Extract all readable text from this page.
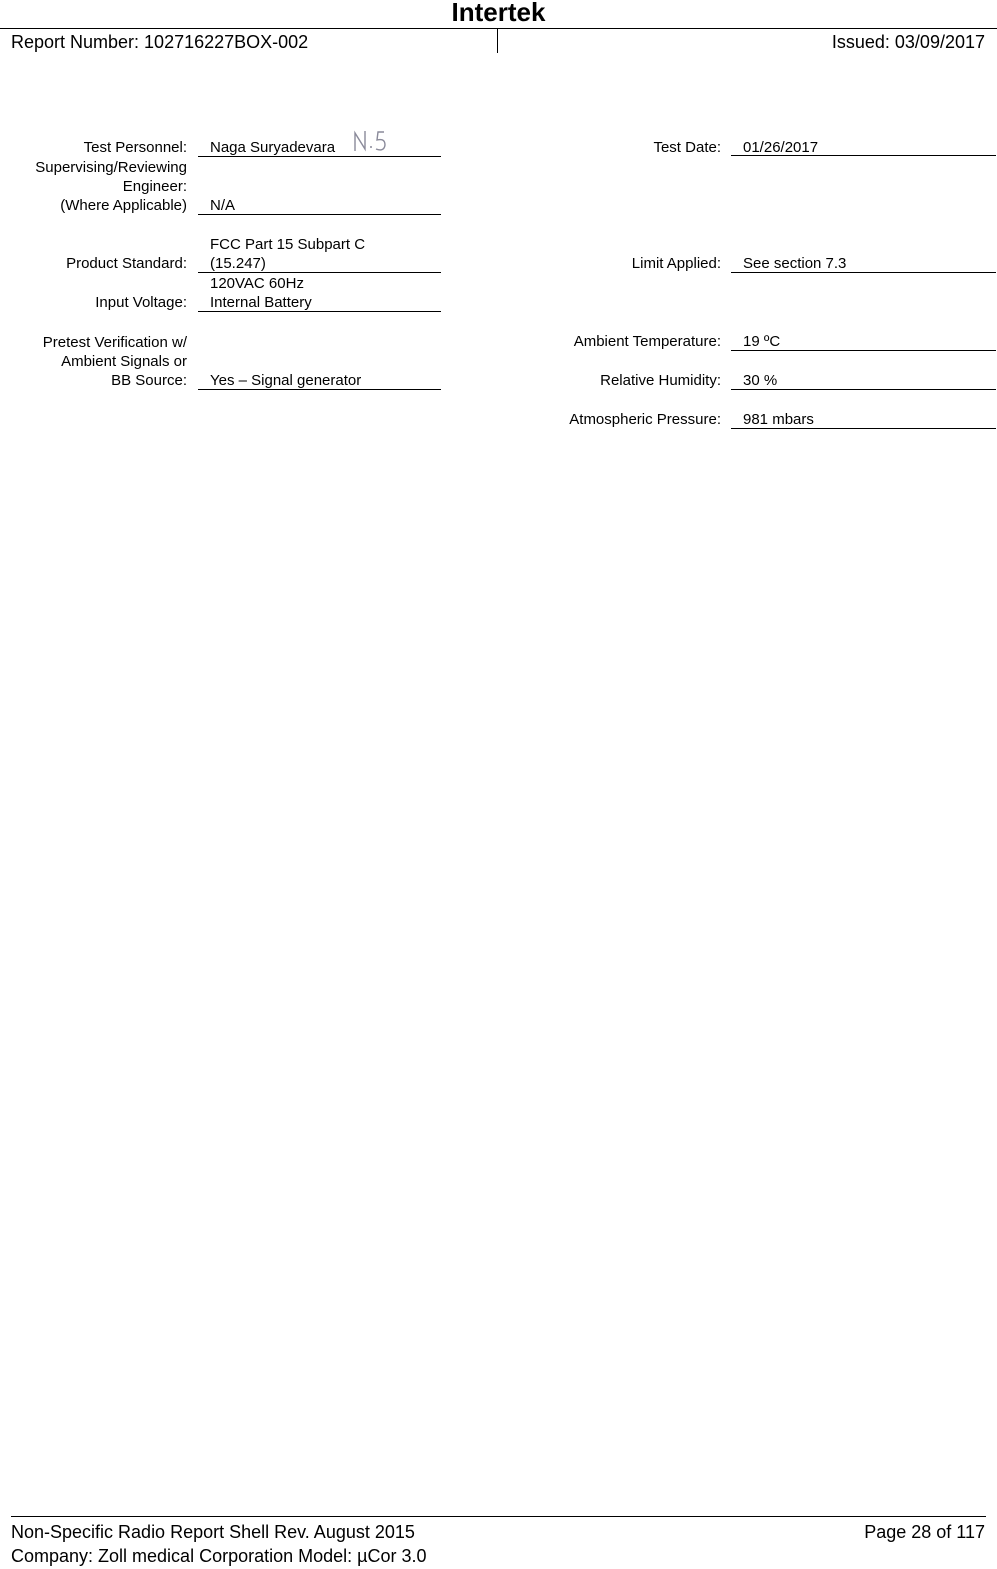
Intertek
Report Number: 102716227BOX-002	Issued: 03/09/2017
Test Personnel: Naga Suryadevara
Supervising/Reviewing
Engineer:
(Where Applicable) N/A
FCC Part 15 Subpart C
Product Standard: (15.247)
120VAC 60Hz
Input Voltage: Internal Battery
Pretest Verification w/
Ambient Signals or
BB Source: Yes – Signal generator
Test Date: 01/26/2017
Limit Applied: See section 7.3
Ambient Temperature: 19 ºC
Relative Humidity: 30 %
Atmospheric Pressure: 981 mbars
Non-Specific Radio Report Shell Rev. August 2015	Page 28 of 117
Company: Zoll medical Corporation Model: µCor 3.0
